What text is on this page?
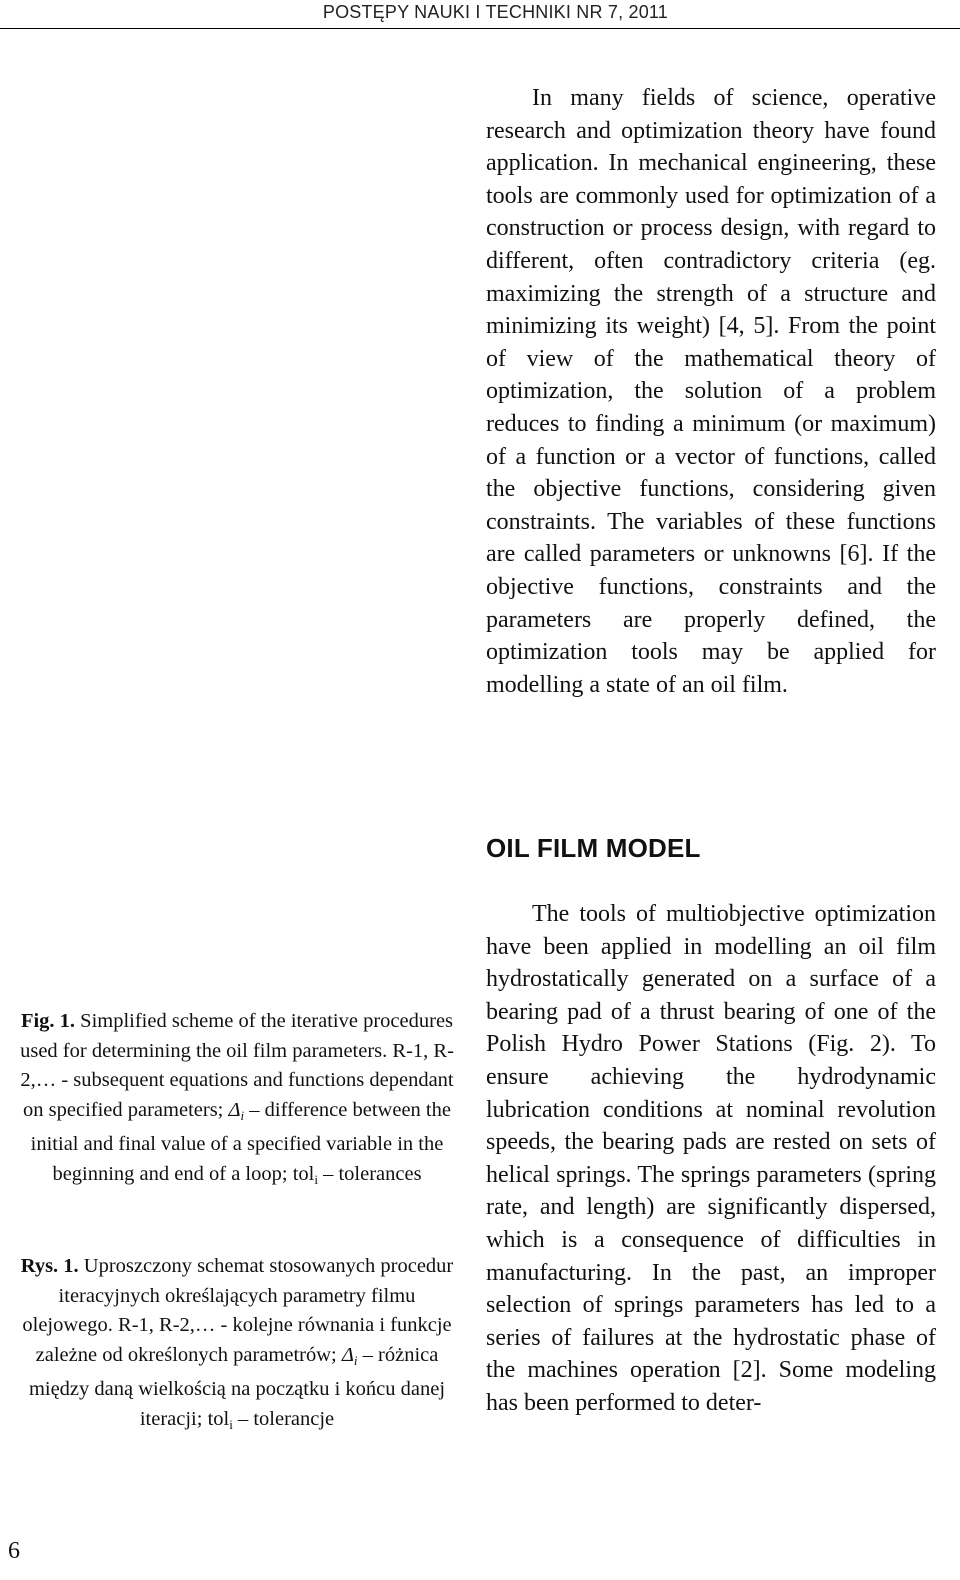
POSTĘPY NAUKI I TECHNIKI NR 7, 2011

In many fields of science, operative research and optimization theory have found application. In mechanical engineering, these tools are commonly used for optimization of a construction or process design, with regard to different, often contradictory criteria (eg. maximizing the strength of a structure and minimizing its weight) [4, 5]. From the point of view of the mathematical theory of optimization, the solution of a problem reduces to finding a minimum (or maximum) of a function or a vector of functions, called the objective functions, considering given constraints. The variables of these functions are called parameters or unknowns [6]. If the objective functions, constraints and the parameters are properly defined, the optimization tools may be applied for modelling a state of an oil film.

OIL FILM MODEL

The tools of multiobjective optimization have been applied in modelling an oil film hydrostatically generated on a surface of a bearing pad of a thrust bearing of one of the Polish Hydro Power Stations (Fig. 2). To ensure achieving the hydrodynamic lubrication conditions at nominal revolution speeds, the bearing pads are rested on sets of helical springs. The springs parameters (spring rate, and length) are significantly dispersed, which is a consequence of difficulties in manufacturing. In the past, an improper selection of springs parameters has led to a series of failures at the hydrostatic phase of the machines operation [2]. Some modeling has been performed to deter-

Fig. 1. Simplified scheme of the iterative procedures used for determining the oil film parameters. R-1, R-2,… - subsequent equations and functions dependant on specified parameters; $\Delta_i$ – difference between the initial and final value of a specified variable in the beginning and end of a loop; tol$_i$ – tolerances

Rys. 1. Uproszczony schemat stosowanych procedur iteracyjnych określających parametry filmu olejowego. R-1, R-2,… - kolejne równania i funkcje zależne od określonych parametrów; $\Delta_i$ – różnica między daną wielkością na początku i końcu danej iteracji; tol$_i$ – tolerancje

6
